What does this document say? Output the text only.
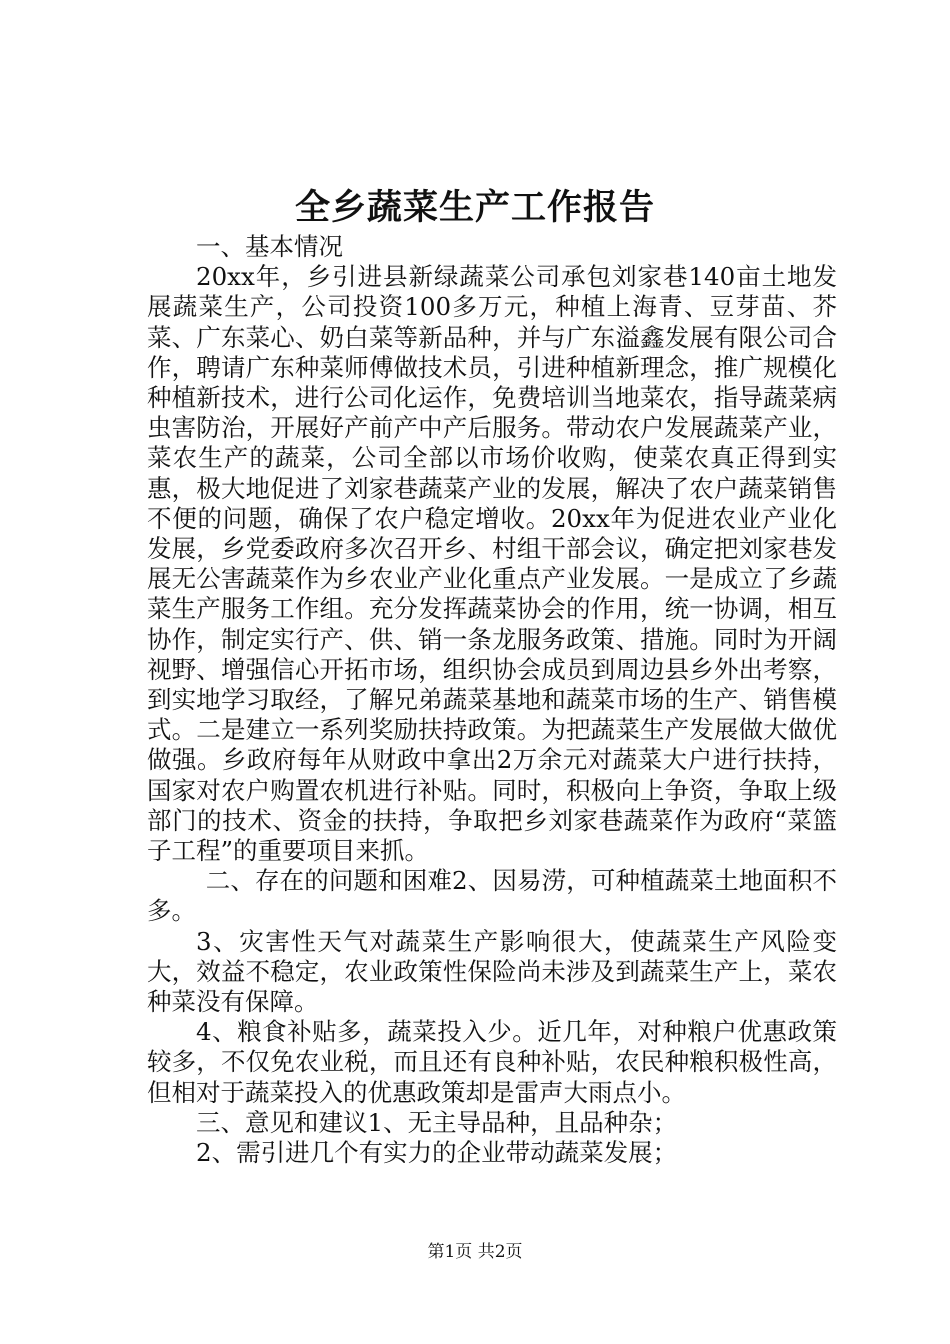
全乡蔬菜生产工作报告

一、基本情况

20xx年，乡引进县新绿蔬菜公司承包刘家巷140亩土地发展蔬菜生产，公司投资100多万元，种植上海青、豆芽苗、芥菜、广东菜心、奶白菜等新品种，并与广东溢鑫发展有限公司合作，聘请广东种菜师傅做技术员，引进种植新理念，推广规模化种植新技术，进行公司化运作，免费培训当地菜农，指导蔬菜病虫害防治，开展好产前产中产后服务。带动农户发展蔬菜产业，菜农生产的蔬菜，公司全部以市场价收购，使菜农真正得到实惠，极大地促进了刘家巷蔬菜产业的发展，解决了农户蔬菜销售不便的问题，确保了农户稳定增收。20xx年为促进农业产业化发展，乡党委政府多次召开乡、村组干部会议，确定把刘家巷发展无公害蔬菜作为乡农业产业化重点产业发展。一是成立了乡蔬菜生产服务工作组。充分发挥蔬菜协会的作用，统一协调，相互协作，制定实行产、供、销一条龙服务政策、措施。同时为开阔视野、增强信心开拓市场，组织协会成员到周边县乡外出考察，到实地学习取经，了解兄弟蔬菜基地和蔬菜市场的生产、销售模式。二是建立一系列奖励扶持政策。为把蔬菜生产发展做大做优做强。乡政府每年从财政中拿出2万余元对蔬菜大户进行扶持，国家对农户购置农机进行补贴。同时，积极向上争资，争取上级部门的技术、资金的扶持，争取把乡刘家巷蔬菜作为政府“菜篮子工程”的重要项目来抓。

二、存在的问题和困难2、因易涝，可种植蔬菜土地面积不多。

3、灾害性天气对蔬菜生产影响很大，使蔬菜生产风险变大，效益不稳定，农业政策性保险尚未涉及到蔬菜生产上，菜农种菜没有保障。

4、粮食补贴多，蔬菜投入少。近几年，对种粮户优惠政策较多，不仅免农业税，而且还有良种补贴，农民种粮积极性高，但相对于蔬菜投入的优惠政策却是雷声大雨点小。

三、意见和建议1、无主导品种，且品种杂；

2、需引进几个有实力的企业带动蔬菜发展；

第1页 共2页
